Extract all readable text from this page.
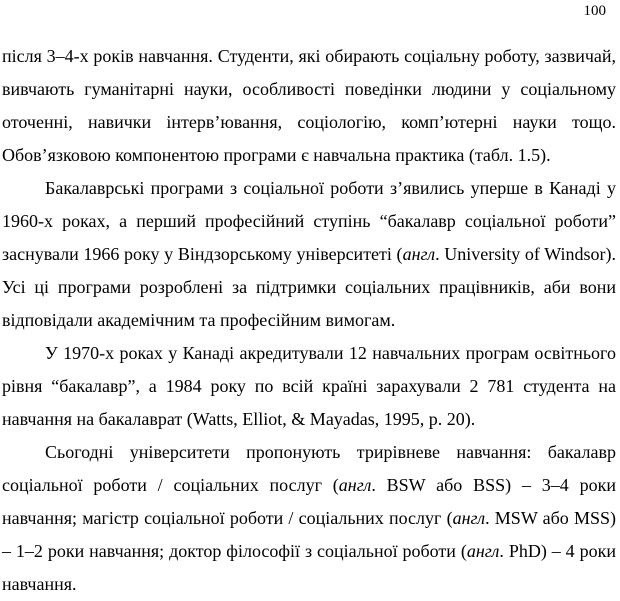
100

після 3–4-х років навчання. Студенти, які обирають соціальну роботу, зазвичай, вивчають гуманітарні науки, особливості поведінки людини у соціальному оточенні, навички інтерв’ювання, соціологію, комп’ютерні науки тощо. Обов’язковою компонентою програми є навчальна практика (табл. 1.5).

Бакалаврські програми з соціальної роботи з’явились уперше в Канаді у 1960-х роках, а перший професійний ступінь “бакалавр соціальної роботи” заснували 1966 року у Віндзорському університеті (англ. University of Windsor). Усі ці програми розроблені за підтримки соціальних працівників, аби вони відповідали академічним та професійним вимогам.

У 1970-х роках у Канаді акредитували 12 навчальних програм освітнього рівня “бакалавр”, а 1984 року по всій країні зарахували 2 781 студента на навчання на бакалаврат (Watts, Elliot, & Mayadas, 1995, p. 20).

Сьогодні університети пропонують трирівневе навчання: бакалавр соціальної роботи / соціальних послуг (англ. BSW або BSS) – 3–4 роки навчання; магістр соціальної роботи / соціальних послуг (англ. MSW або MSS) – 1–2 роки навчання; доктор філософії з соціальної роботи (англ. PhD) – 4 роки навчання.
